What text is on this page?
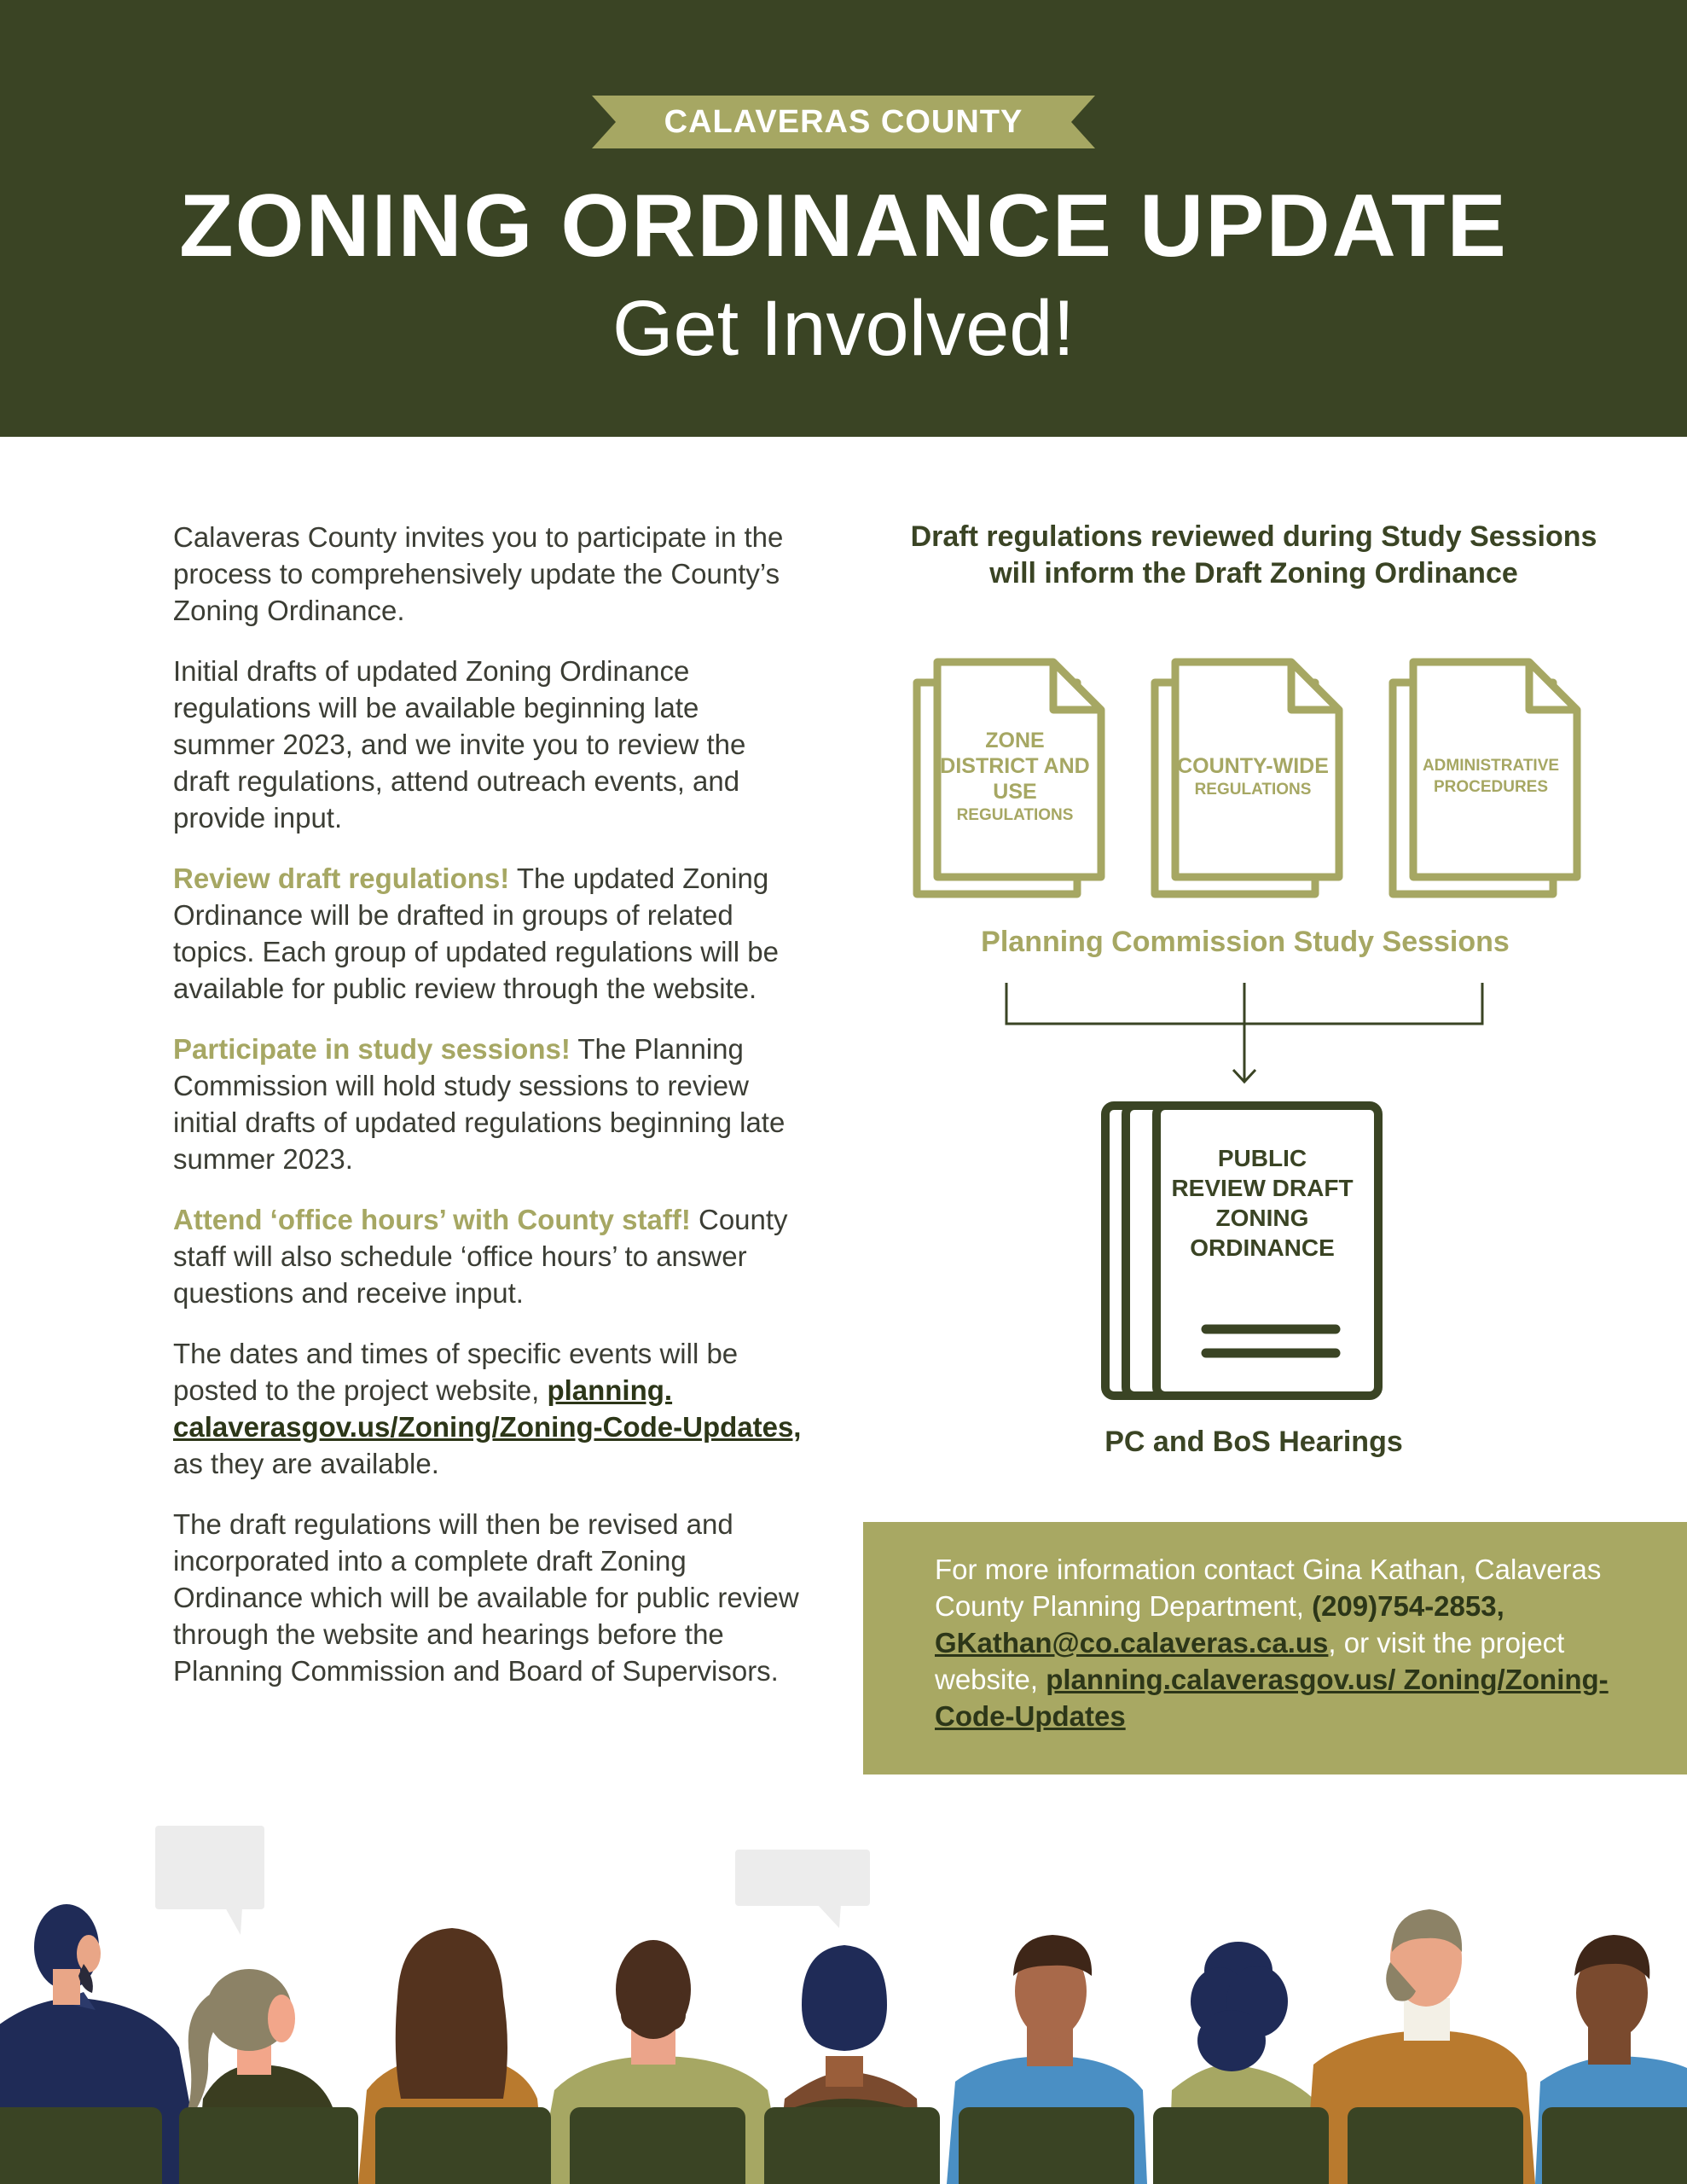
CALAVERAS COUNTY
ZONING ORDINANCE UPDATE
Get Involved!

Calaveras County invites you to participate in the process to comprehensively update the County’s Zoning Ordinance.

Initial drafts of updated Zoning Ordinance regulations will be available beginning late summer 2023, and we invite you to review the draft regulations, attend outreach events, and provide input.

Review draft regulations! The updated Zoning Ordinance will be drafted in groups of related topics. Each group of updated regulations will be available for public review through the website.

Participate in study sessions! The Planning Commission will hold study sessions to review initial drafts of updated regulations beginning late summer 2023.

Attend ‘office hours’ with County staff! County staff will also schedule ‘office hours’ to answer questions and receive input.

The dates and times of specific events will be posted to the project website, planning. calaverasgov.us/Zoning/Zoning-Code-Updates, as they are available.

The draft regulations will then be revised and incorporated into a complete draft Zoning Ordinance which will be available for public review through the website and hearings before the Planning Commission and Board of Supervisors.

Draft regulations reviewed during Study Sessions will inform the Draft Zoning Ordinance
ZONE DISTRICT AND USE
REGULATIONS
COUNTY-WIDE
REGULATIONS
ADMINISTRATIVE PROCEDURES
Planning Commission Study Sessions
PUBLIC REVIEW DRAFT ZONING ORDINANCE
PC and BoS Hearings
For more information contact Gina Kathan, Calaveras County Planning Department, (209)754-2853, GKathan@co.calaveras.ca.us, or visit the project website, planning.calaverasgov.us/ Zoning/Zoning-Code-Updates
